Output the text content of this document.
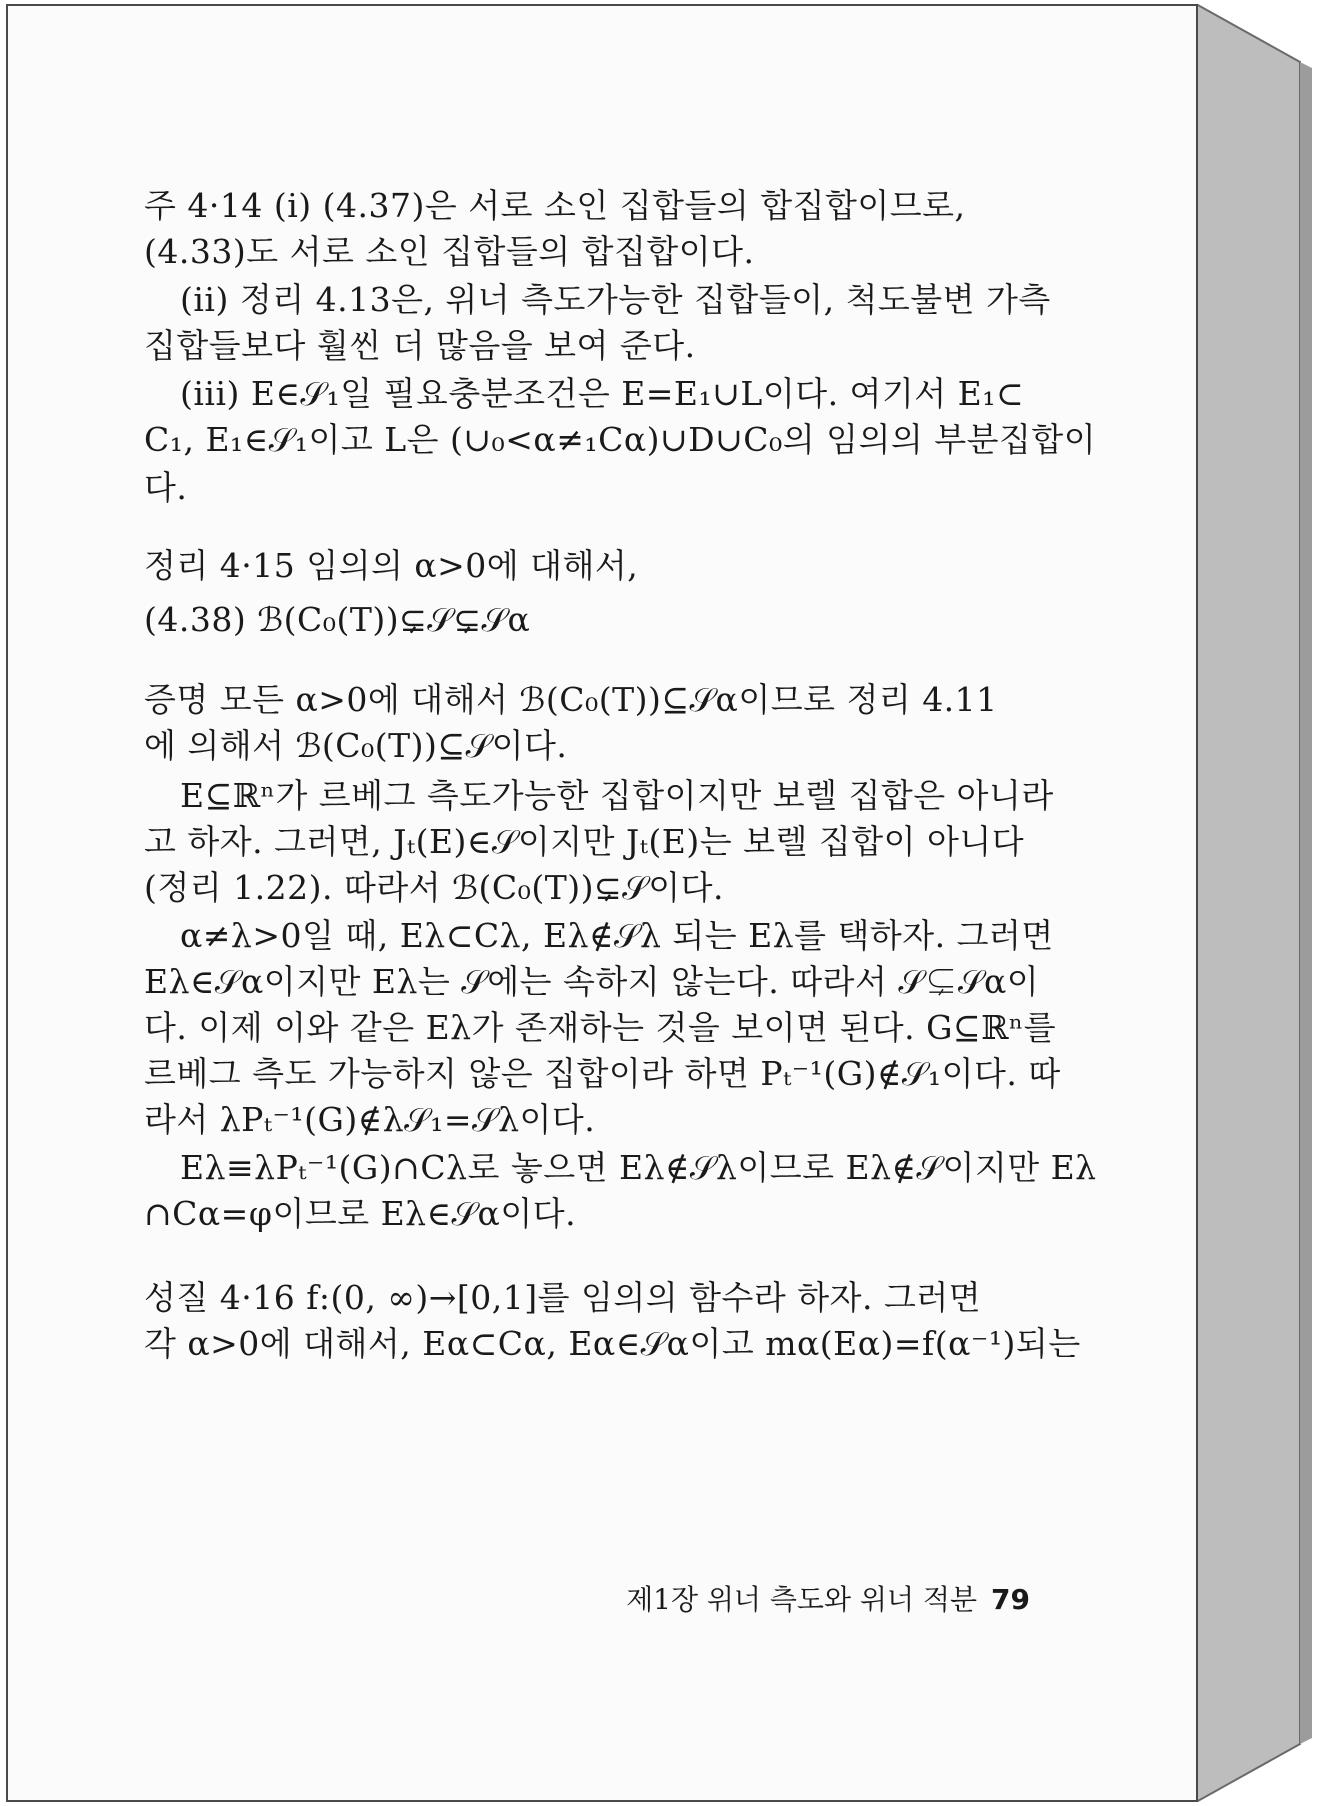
주 4·14 (i) (4.37)은 서로 소인 집합들의 합집합이므로,
(4.33)도 서로 소인 집합들의 합집합이다.
(ii) 정리 4.13은, 위너 측도가능한 집합들이, 척도불변 가측
집합들보다 훨씬 더 많음을 보여 준다.
(iii) E∈𝒮₁일 필요충분조건은 E=E₁∪L이다. 여기서 E₁⊂
C₁, E₁∈𝒮₁이고 L은 (∪₀<α≠₁Cα)∪D∪C₀의 임의의 부분집합이
다.
정리 4·15 임의의 α>0에 대해서,
(4.38) ℬ(C₀(T))⊊𝒮⊊𝒮α
증명 모든 α>0에 대해서 ℬ(C₀(T))⊆𝒮α이므로 정리 4.11
에 의해서 ℬ(C₀(T))⊆𝒮이다.
E⊆ℝⁿ가 르베그 측도가능한 집합이지만 보렐 집합은 아니라
고 하자. 그러면, Jₜ(E)∈𝒮이지만 Jₜ(E)는 보렐 집합이 아니다
(정리 1.22). 따라서 ℬ(C₀(T))⊊𝒮이다.
α≠λ>0일 때, Eλ⊂Cλ, Eλ∉𝒮λ 되는 Eλ를 택하자. 그러면
Eλ∈𝒮α이지만 Eλ는 𝒮에는 속하지 않는다. 따라서 𝒮⊊𝒮α이
다. 이제 이와 같은 Eλ가 존재하는 것을 보이면 된다. G⊆ℝⁿ를
르베그 측도 가능하지 않은 집합이라 하면 Pₜ⁻¹(G)∉𝒮₁이다. 따
라서 λPₜ⁻¹(G)∉λ𝒮₁=𝒮λ이다.
Eλ≡λPₜ⁻¹(G)∩Cλ로 놓으면 Eλ∉𝒮λ이므로 Eλ∉𝒮이지만 Eλ
∩Cα=φ이므로 Eλ∈𝒮α이다.
성질 4·16 f:(0, ∞)→[0,1]를 임의의 함수라 하자. 그러면
각 α>0에 대해서, Eα⊂Cα, Eα∈𝒮α이고 mα(Eα)=f(α⁻¹)되는
제1장 위너 측도와 위너 적분 79
